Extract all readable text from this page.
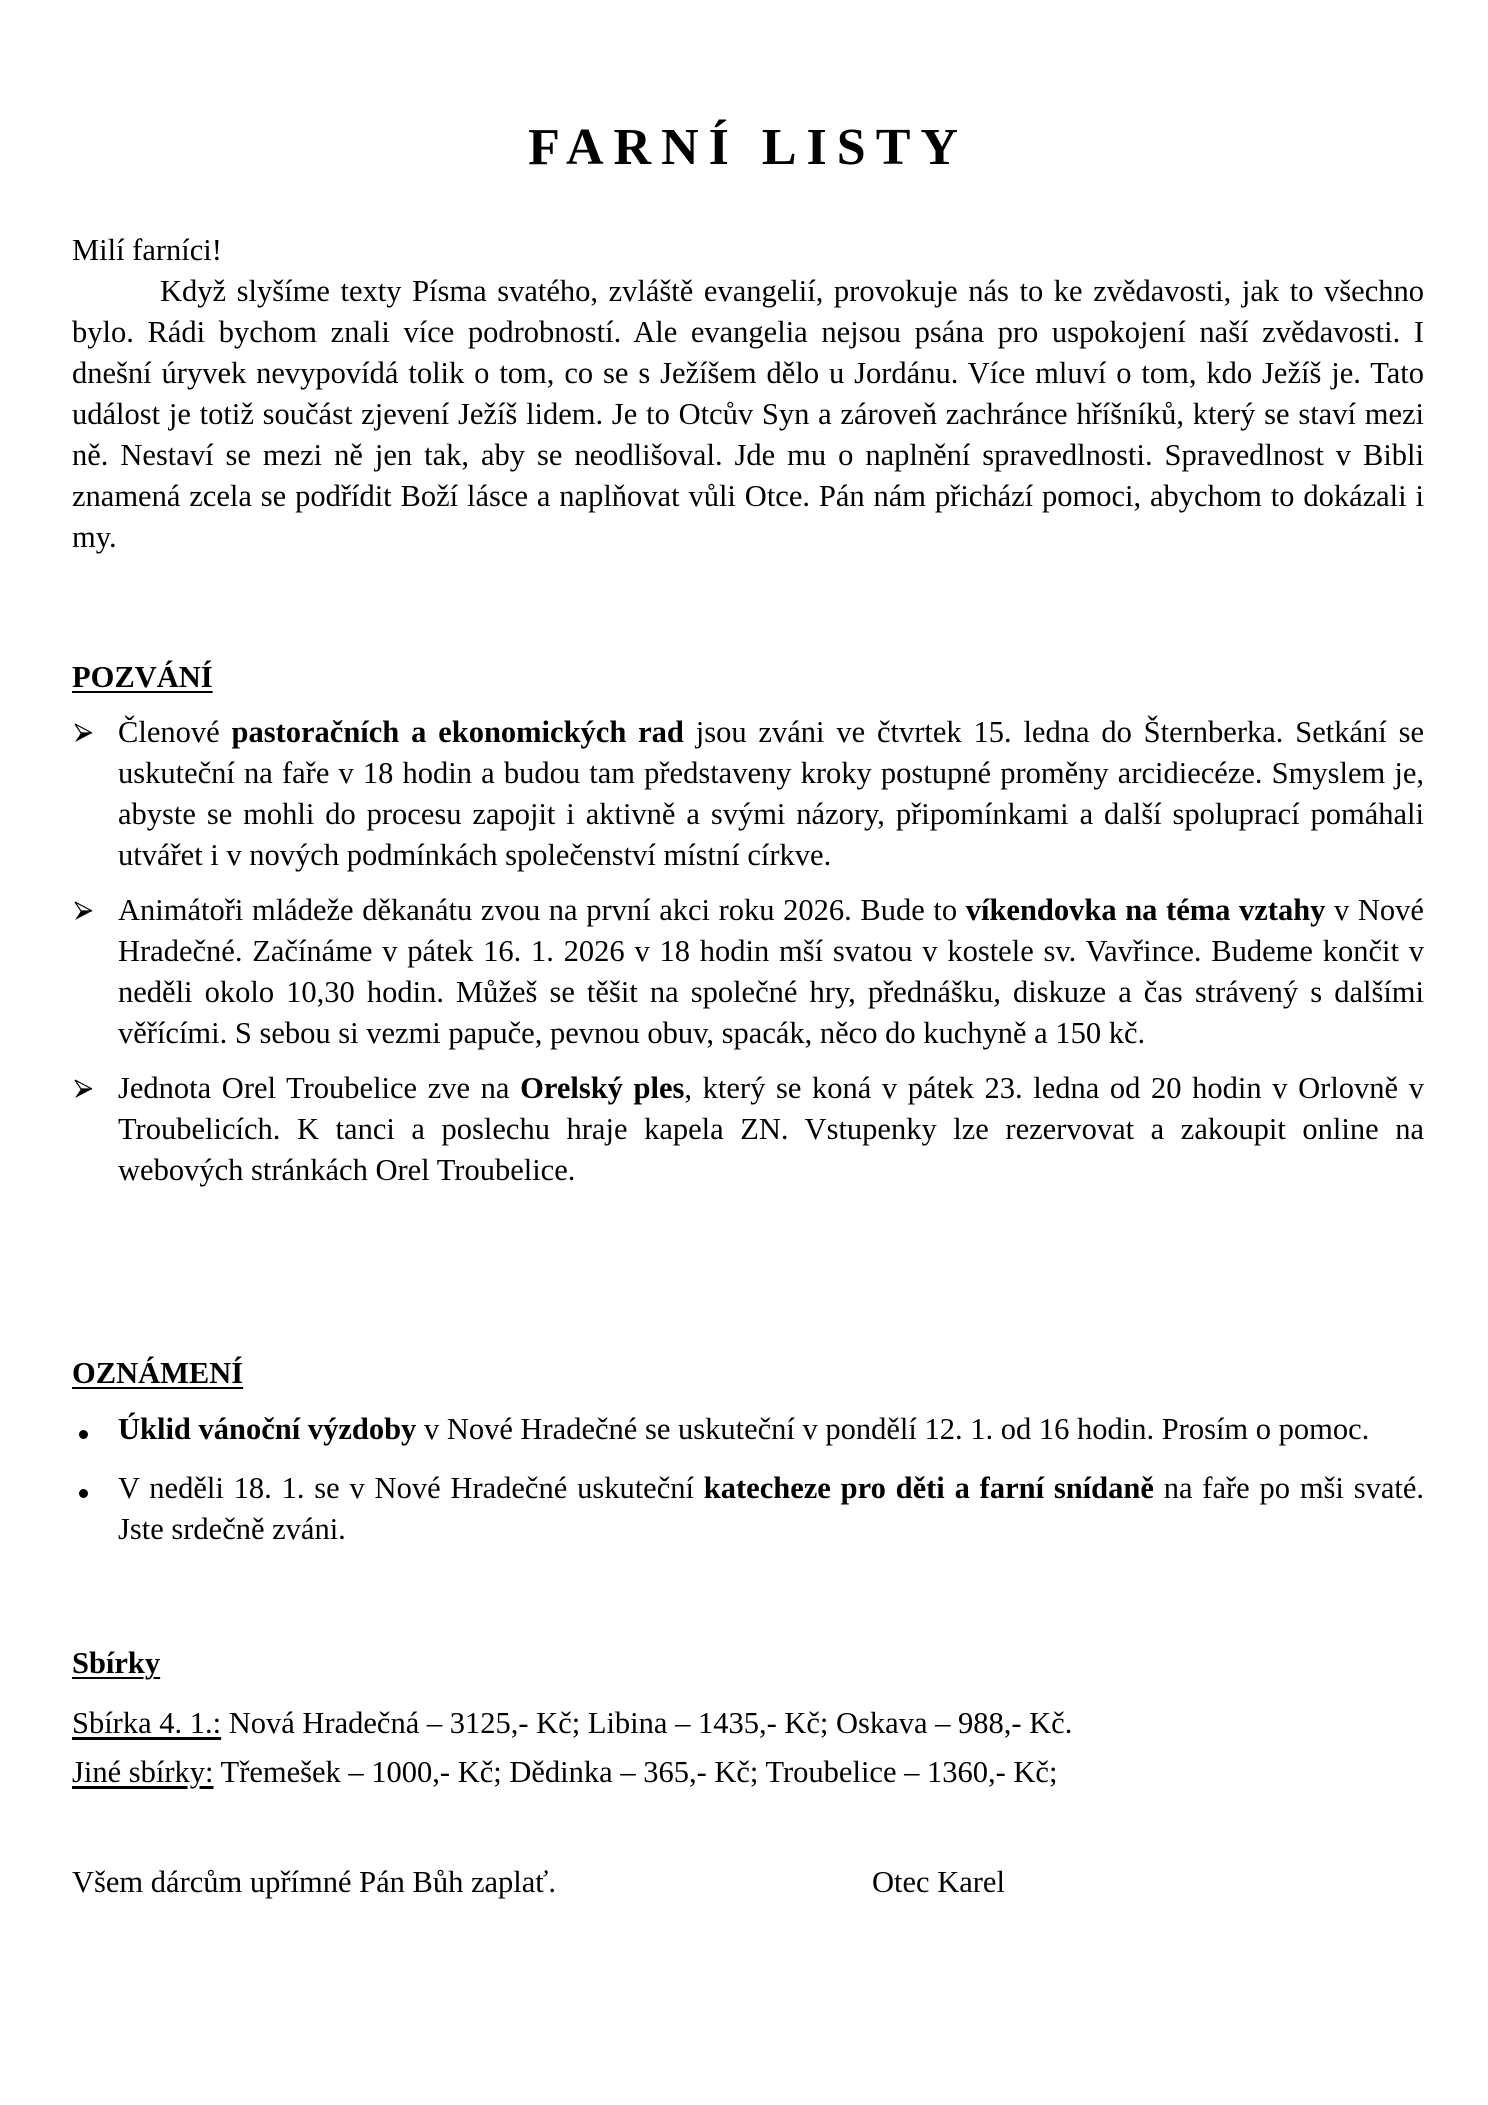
FARNÍ LISTY
Milí farníci!
Když slyšíme texty Písma svatého, zvláště evangelií, provokuje nás to ke zvědavosti, jak to všechno bylo. Rádi bychom znali více podrobností. Ale evangelia nejsou psána pro uspokojení naší zvědavosti. I dnešní úryvek nevypovídá tolik o tom, co se s Ježíšem dělo u Jordánu. Více mluví o tom, kdo Ježíš je. Tato událost je totiž součást zjevení Ježíš lidem. Je to Otcův Syn a zároveň zachránce hříšníků, který se staví mezi ně. Nestaví se mezi ně jen tak, aby se neodlišoval. Jde mu o naplnění spravedlnosti. Spravedlnost v Bibli znamená zcela se podřídit Boží lásce a naplňovat vůli Otce. Pán nám přichází pomoci, abychom to dokázali i my.
POZVÁNÍ
Členové pastoračních a ekonomických rad jsou zváni ve čtvrtek 15. ledna do Šternberka. Setkání se uskuteční na faře v 18 hodin a budou tam představeny kroky postupné proměny arcidiecéze. Smyslem je, abyste se mohli do procesu zapojit i aktivně a svými názory, připomínkami a další spoluprací pomáhali utvářet i v nových podmínkách společenství místní církve.
Animátoři mládeže děkanátu zvou na první akci roku 2026. Bude to víkendovka na téma vztahy v Nové Hradečné. Začínáme v pátek 16. 1. 2026 v 18 hodin mší svatou v kostele sv. Vavřince. Budeme končit v neděli okolo 10,30 hodin. Můžeš se těšit na společné hry, přednášku, diskuze a čas strávený s dalšími věřícími. S sebou si vezmi papuče, pevnou obuv, spacák, něco do kuchyně a 150 kč.
Jednota Orel Troubelice zve na Orelský ples, který se koná v pátek 23. ledna od 20 hodin v Orlovně v Troubelicích. K tanci a poslechu hraje kapela ZN. Vstupenky lze rezervovat a zakoupit online na webových stránkách Orel Troubelice.
OZNÁMENÍ
Úklid vánoční výzdoby v Nové Hradečné se uskuteční v pondělí 12. 1. od 16 hodin. Prosím o pomoc.
V neděli 18. 1. se v Nové Hradečné uskuteční katecheze pro děti a farní snídaně na faře po mši svaté. Jste srdečně zváni.
Sbírky
Sbírka 4. 1.: Nová Hradečná – 3125,- Kč; Libina – 1435,- Kč; Oskava – 988,- Kč.
Jiné sbírky: Třemešek – 1000,- Kč; Dědinka – 365,- Kč; Troubelice – 1360,- Kč;
Všem dárcům upřímné Pán Bůh zaplať.	Otec Karel
